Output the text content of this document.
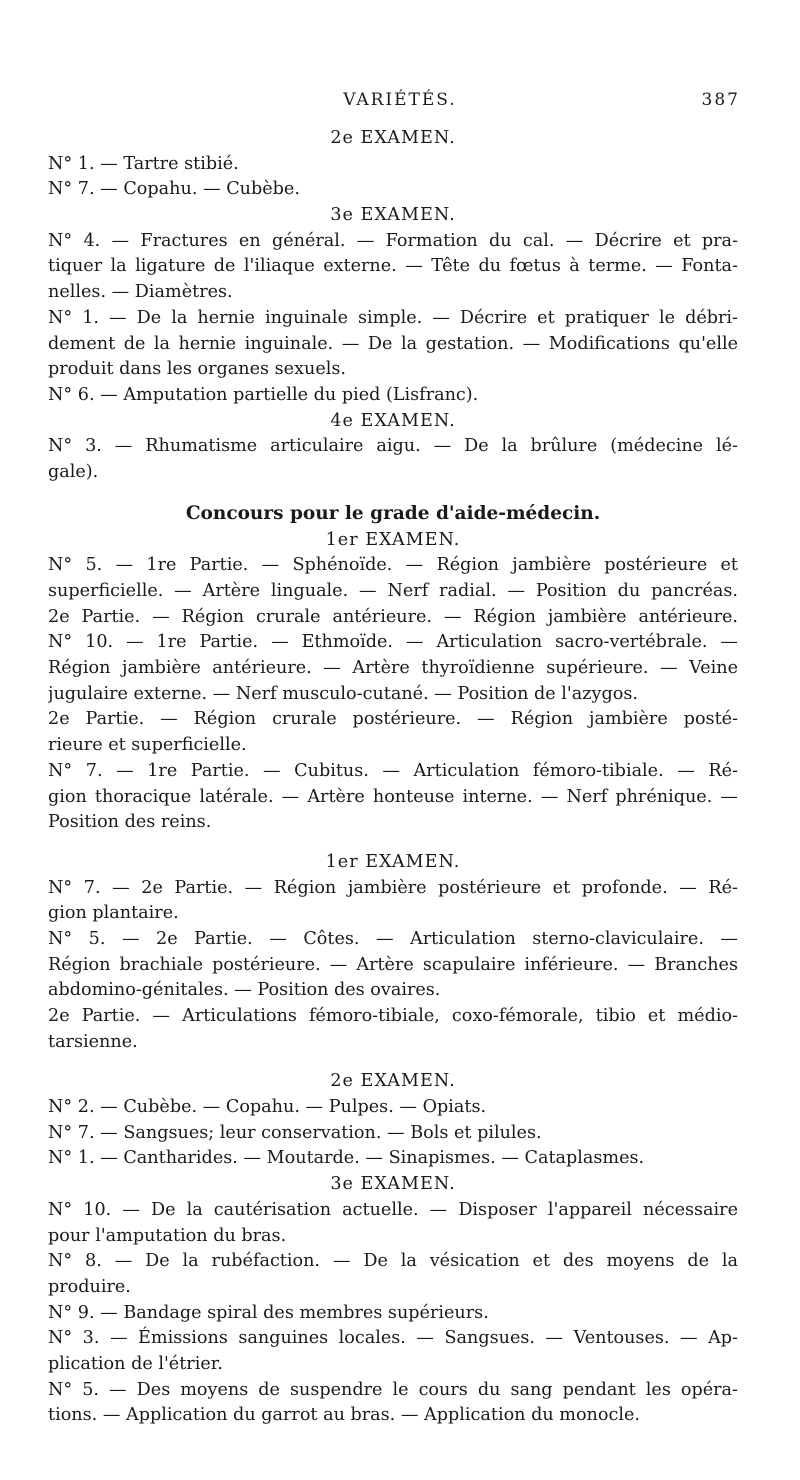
VARIÉTÉS.	387
2e EXAMEN.
N° 1. — Tartre stibié.
N° 7. — Copahu. — Cubèbe.
3e EXAMEN.
N° 4. — Fractures en général. — Formation du cal. — Décrire et pra-
tiquer la ligature de l'iliaque externe. — Tête du fœtus à terme. — Fonta-
nelles. — Diamètres.
N° 1. — De la hernie inguinale simple. — Décrire et pratiquer le débri-
dement de la hernie inguinale. — De la gestation. — Modifications qu'elle
produit dans les organes sexuels.
N° 6. — Amputation partielle du pied (Lisfranc).
4e EXAMEN.
N° 3. — Rhumatisme articulaire aigu. — De la brûlure (médecine lé-
gale).
Concours pour le grade d'aide-médecin.
1er EXAMEN.
N° 5. — 1re Partie. — Sphénoïde. — Région jambière postérieure et
superficielle. — Artère linguale. — Nerf radial. — Position du pancréas.
2e Partie. — Région crurale antérieure. — Région jambière antérieure.
N° 10. — 1re Partie. — Ethmoïde. — Articulation sacro-vertébrale. —
Région jambière antérieure. — Artère thyroïdienne supérieure. — Veine
jugulaire externe. — Nerf musculo-cutané. — Position de l'azygos.
2e Partie. — Région crurale postérieure. — Région jambière posté-
rieure et superficielle.
N° 7. — 1re Partie. — Cubitus. — Articulation fémoro-tibiale. — Ré-
gion thoracique latérale. — Artère honteuse interne. — Nerf phrénique. —
Position des reins.
1er EXAMEN.
N° 7. — 2e Partie. — Région jambière postérieure et profonde. — Ré-
gion plantaire.
N° 5. — 2e Partie. — Côtes. — Articulation sterno-claviculaire. —
Région brachiale postérieure. — Artère scapulaire inférieure. — Branches
abdomino-génitales. — Position des ovaires.
2e Partie. — Articulations fémoro-tibiale, coxo-fémorale, tibio et médio-
tarsienne.
2e EXAMEN.
N° 2. — Cubèbe. — Copahu. — Pulpes. — Opiats.
N° 7. — Sangsues; leur conservation. — Bols et pilules.
N° 1. — Cantharides. — Moutarde. — Sinapismes. — Cataplasmes.
3e EXAMEN.
N° 10. — De la cautérisation actuelle. — Disposer l'appareil nécessaire
pour l'amputation du bras.
N° 8. — De la rubéfaction. — De la vésication et des moyens de la
produire.
N° 9. — Bandage spiral des membres supérieurs.
N° 3. — Émissions sanguines locales. — Sangsues. — Ventouses. — Ap-
plication de l'étrier.
N° 5. — Des moyens de suspendre le cours du sang pendant les opéra-
tions. — Application du garrot au bras. — Application du monocle.
